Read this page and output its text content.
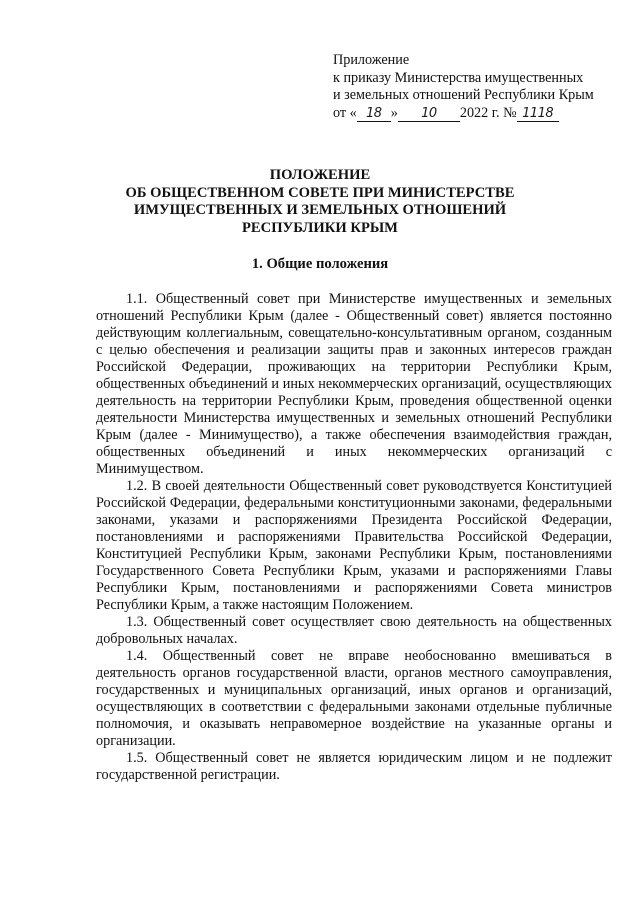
Приложение
к приказу Министерства имущественных
и земельных отношений Республики Крым
от « 18 » 10 2022 г. № 1118
ПОЛОЖЕНИЕ
ОБ ОБЩЕСТВЕННОМ СОВЕТЕ ПРИ МИНИСТЕРСТВЕ
ИМУЩЕСТВЕННЫХ И ЗЕМЕЛЬНЫХ ОТНОШЕНИЙ
РЕСПУБЛИКИ КРЫМ
1. Общие положения

1.1. Общественный совет при Министерстве имущественных и земельных отношений Республики Крым (далее - Общественный совет) является постоянно действующим коллегиальным, совещательно-консультативным органом, созданным с целью обеспечения и реализации защиты прав и законных интересов граждан Российской Федерации, проживающих на территории Республики Крым, общественных объединений и иных некоммерческих организаций, осуществляющих деятельность на территории Республики Крым, проведения общественной оценки деятельности Министерства имущественных и земельных отношений Республики Крым (далее - Минимущество), а также обеспечения взаимодействия граждан, общественных объединений и иных некоммерческих организаций с Минимуществом.

1.2. В своей деятельности Общественный совет руководствуется Конституцией Российской Федерации, федеральными конституционными законами, федеральными законами, указами и распоряжениями Президента Российской Федерации, постановлениями и распоряжениями Правительства Российской Федерации, Конституцией Республики Крым, законами Республики Крым, постановлениями Государственного Совета Республики Крым, указами и распоряжениями Главы Республики Крым, постановлениями и распоряжениями Совета министров Республики Крым, а также настоящим Положением.

1.3. Общественный совет осуществляет свою деятельность на общественных добровольных началах.

1.4. Общественный совет не вправе необоснованно вмешиваться в деятельность органов государственной власти, органов местного самоуправления, государственных и муниципальных организаций, иных органов и организаций, осуществляющих в соответствии с федеральными законами отдельные публичные полномочия, и оказывать неправомерное воздействие на указанные органы и организации.

1.5. Общественный совет не является юридическим лицом и не подлежит государственной регистрации.
